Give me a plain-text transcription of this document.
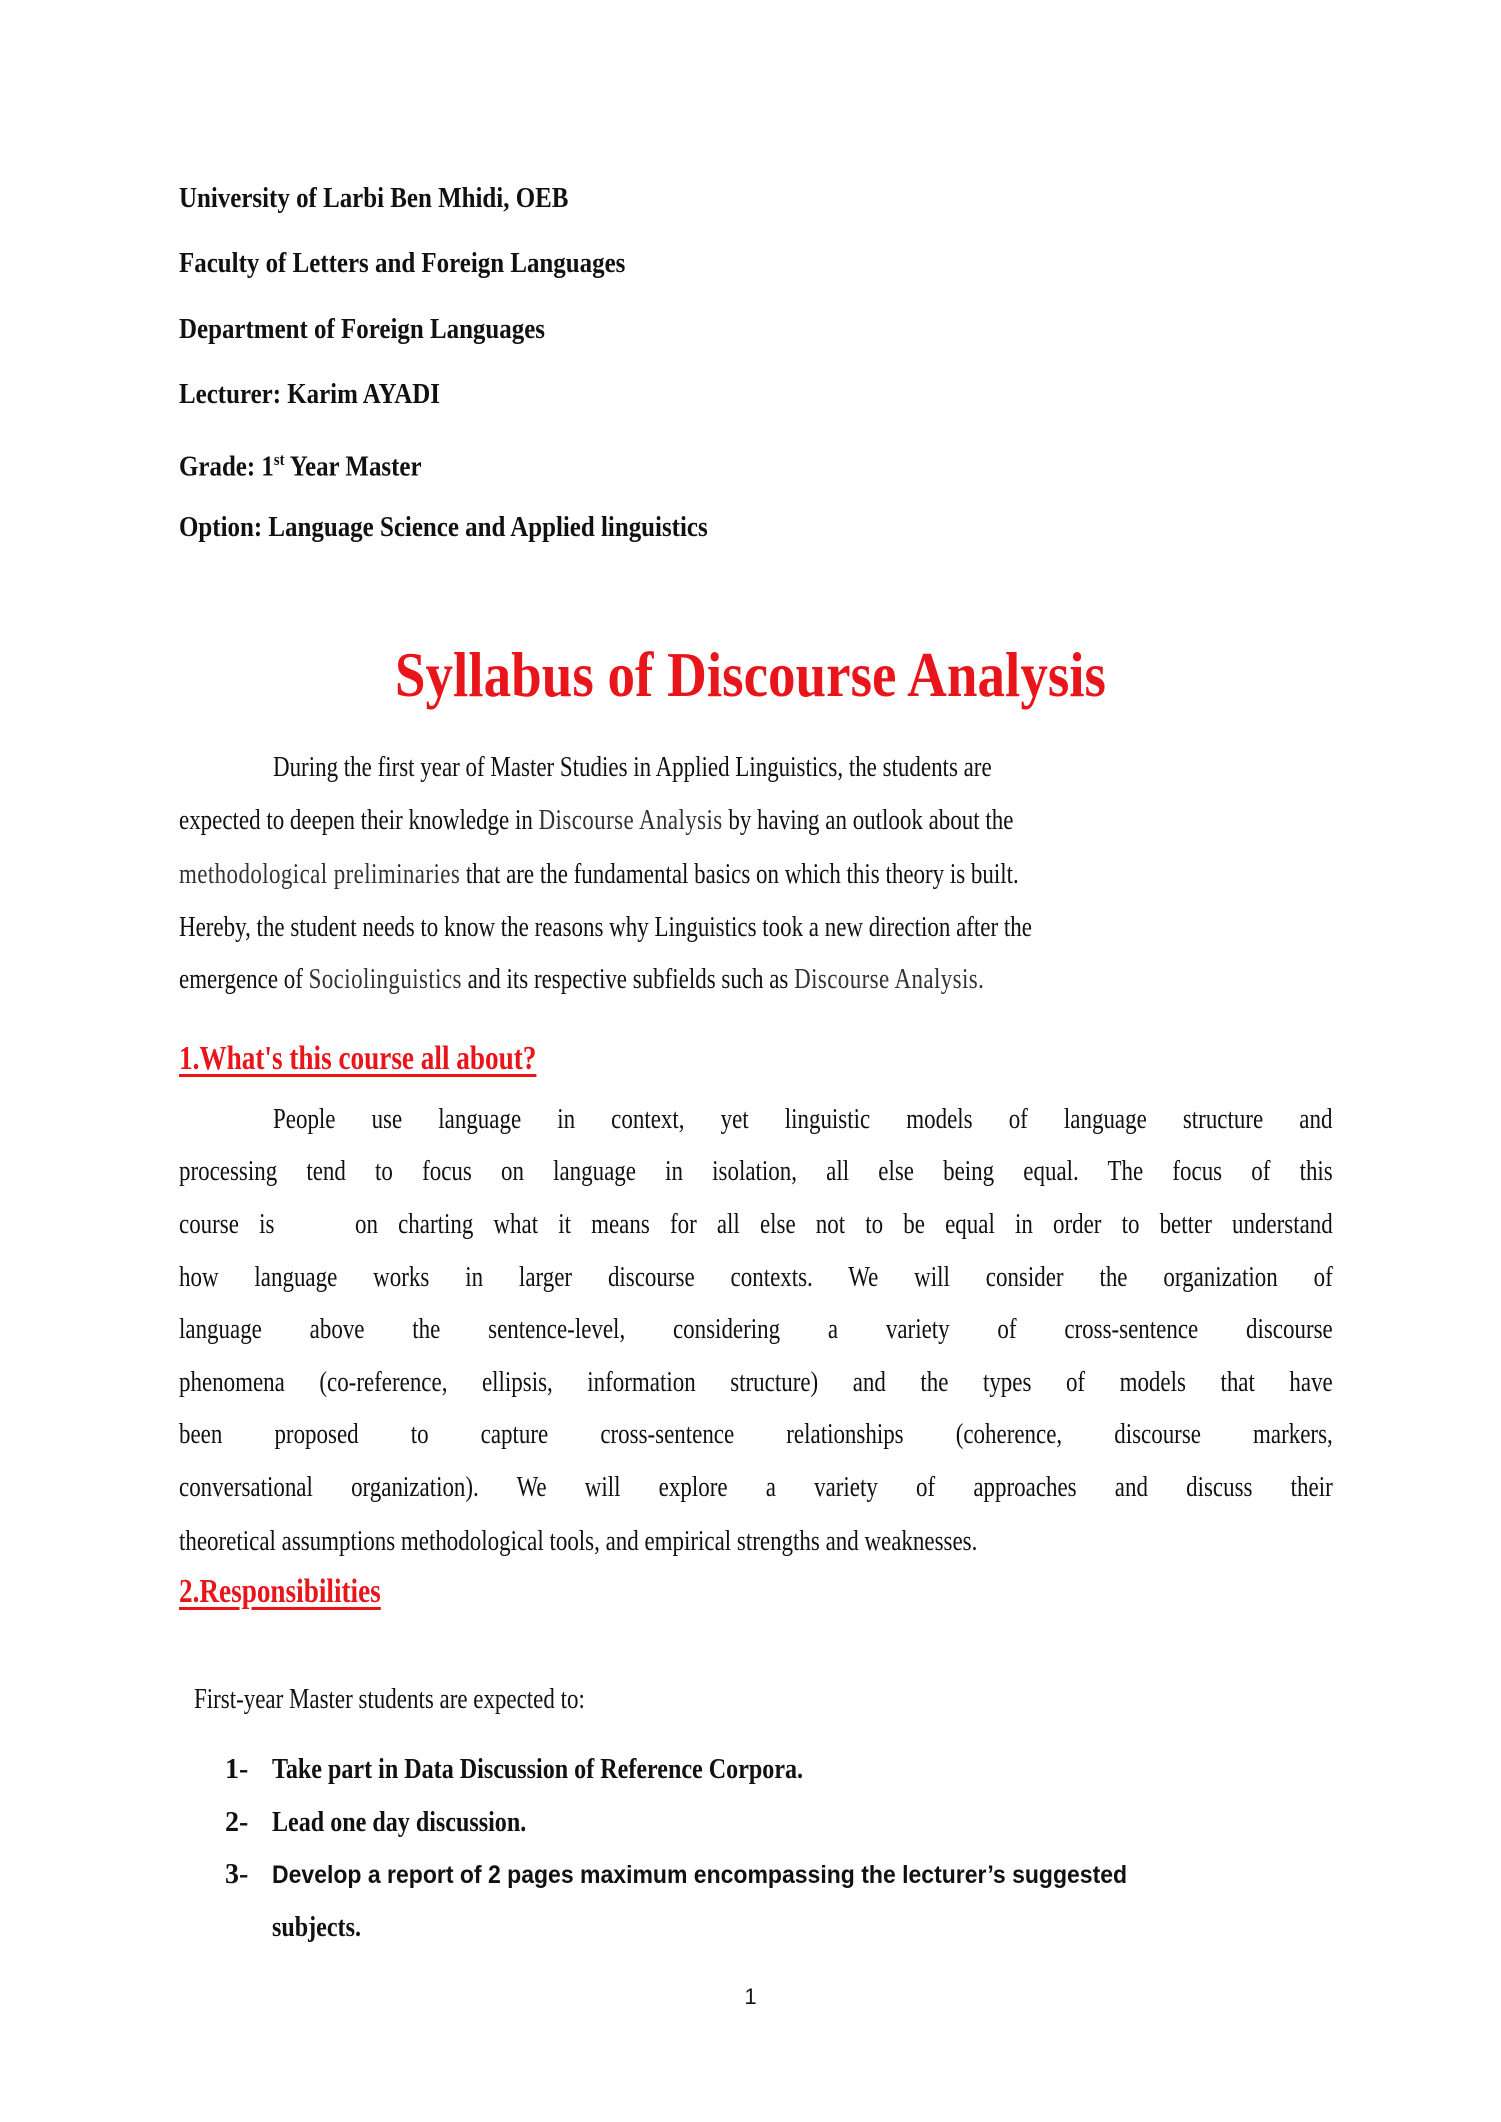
University of Larbi Ben Mhidi, OEB
Faculty of Letters and Foreign Languages
Department of Foreign Languages
Lecturer: Karim AYADI
Grade: 1st Year Master
Option: Language Science and Applied linguistics
Syllabus of Discourse Analysis
During the first year of Master Studies in Applied Linguistics, the students are
expected to deepen their knowledge in Discourse Analysis by having an outlook about the
methodological preliminaries that are the fundamental basics on which this theory is built.
Hereby, the student needs to know the reasons why Linguistics took a new direction after the
emergence of Sociolinguistics and its respective subfields such as Discourse Analysis.
1.What's this course all about?
People use language in context, yet linguistic models of language structure and
processing tend to focus on language in isolation, all else being equal. The focus of this
course is    on charting what it means for all else not to be equal in order to better understand
how language works in larger discourse contexts. We will consider the organization of
language above the sentence-level, considering a variety of cross-sentence discourse
phenomena (co-reference, ellipsis, information structure) and the types of models that have
been proposed to capture cross-sentence relationships (coherence, discourse markers,
conversational organization). We will explore a variety of approaches and discuss their
theoretical assumptions methodological tools, and empirical strengths and weaknesses.
2.Responsibilities
First-year Master students are expected to:
1- Take part in Data Discussion of Reference Corpora.
2- Lead one day discussion.
3- Develop a report of 2 pages maximum encompassing the lecturer’s suggested
subjects.
1
